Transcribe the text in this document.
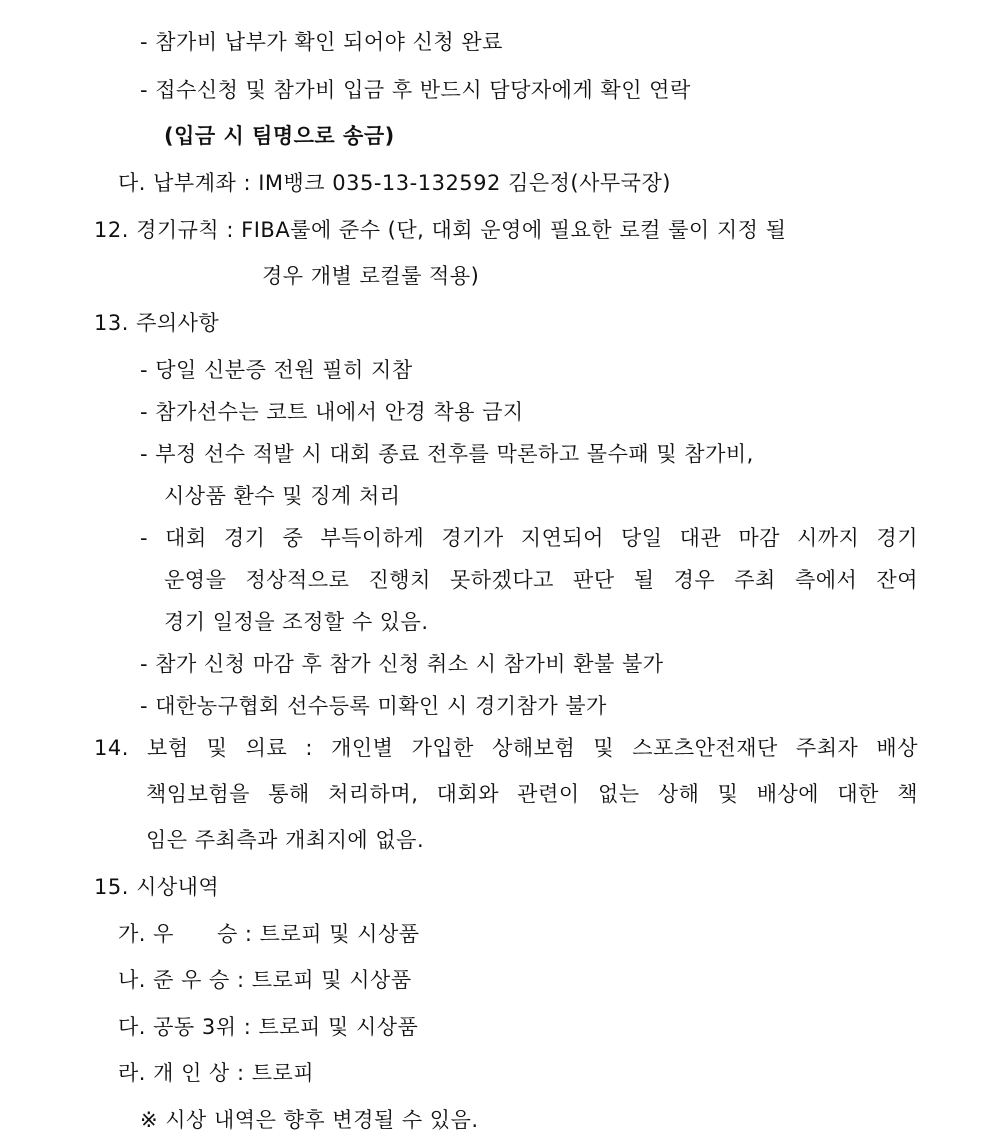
- 참가비 납부가 확인 되어야 신청 완료
- 접수신청 및 참가비 입금 후 반드시 담당자에게 확인 연락
(입금 시 팀명으로 송금)
다. 납부계좌 : IM뱅크 035-13-132592 김은정(사무국장)
12. 경기규칙 : FIBA룰에 준수 (단, 대회 운영에 필요한 로컬 룰이 지정 될
경우 개별 로컬룰 적용)
13. 주의사항
- 당일 신분증 전원 필히 지참
- 참가선수는 코트 내에서 안경 착용 금지
- 부정 선수 적발 시 대회 종료 전후를 막론하고 몰수패 및 참가비,
시상품 환수 및 징계 처리
- 대회 경기 중 부득이하게 경기가 지연되어 당일 대관 마감 시까지 경기
운영을 정상적으로 진행치 못하겠다고 판단 될 경우 주최 측에서 잔여
경기 일정을 조정할 수 있음.
- 참가 신청 마감 후 참가 신청 취소 시 참가비 환불 불가
- 대한농구협회 선수등록 미확인 시 경기참가 불가
14. 보험 및 의료 : 개인별 가입한 상해보험 및 스포츠안전재단 주최자 배상
책임보험을 통해 처리하며, 대회와 관련이 없는 상해 및 배상에 대한 책
임은 주최측과 개최지에 없음.
15. 시상내역
가. 우      승 : 트로피 및 시상품
나. 준 우 승 : 트로피 및 시상품
다. 공동 3위 : 트로피 및 시상품
라. 개 인 상 : 트로피
※ 시상 내역은 향후 변경될 수 있음.
